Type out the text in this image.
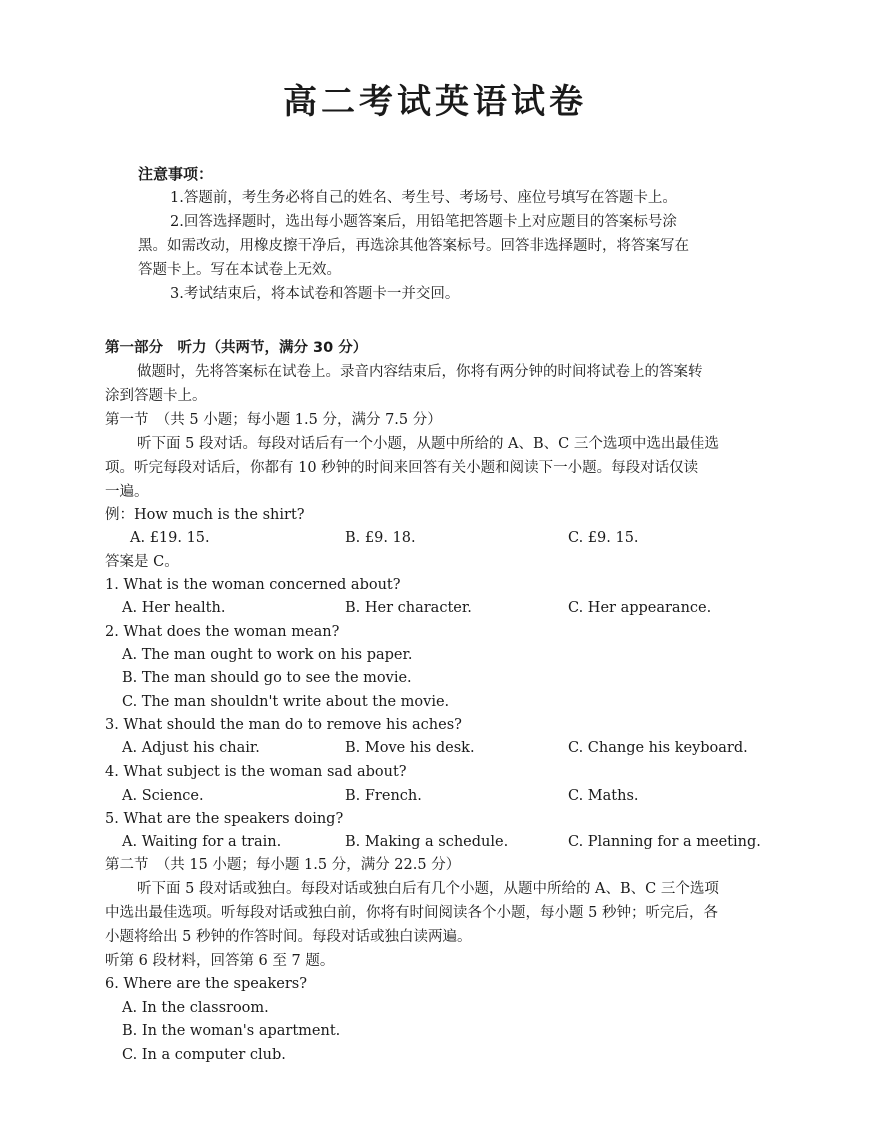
高二考试英语试卷
注意事项：
1.答题前，考生务必将自己的姓名、考生号、考场号、座位号填写在答题卡上。
2.回答选择题时，选出每小题答案后，用铅笔把答题卡上对应题目的答案标号涂
黑。如需改动，用橡皮擦干净后，再选涂其他答案标号。回答非选择题时，将答案写在
答题卡上。写在本试卷上无效。
3.考试结束后，将本试卷和答题卡一并交回。
第一部分　听力（共两节，满分 30 分）
做题时，先将答案标在试卷上。录音内容结束后，你将有两分钟的时间将试卷上的答案转
涂到答题卡上。
第一节　（共 5 小题；每小题 1.5 分，满分 7.5 分）
听下面 5 段对话。每段对话后有一个小题，从题中所给的 A、B、C 三个选项中选出最佳选
项。听完每段对话后，你都有 10 秒钟的时间来回答有关小题和阅读下一小题。每段对话仅读
一遍。
例：How much is the shirt?
A. £19. 15.	B. £9. 18.	C. £9. 15.
答案是 C。
1. What is the woman concerned about?
A. Her health.	B. Her character.	C. Her appearance.
2. What does the woman mean?
A. The man ought to work on his paper.
B. The man should go to see the movie.
C. The man shouldn't write about the movie.
3. What should the man do to remove his aches?
A. Adjust his chair.	B. Move his desk.	C. Change his keyboard.
4. What subject is the woman sad about?
A. Science.	B. French.	C. Maths.
5. What are the speakers doing?
A. Waiting for a train.	B. Making a schedule.	C. Planning for a meeting.
第二节　（共 15 小题；每小题 1.5 分，满分 22.5 分）
听下面 5 段对话或独白。每段对话或独白后有几个小题，从题中所给的 A、B、C 三个选项
中选出最佳选项。听每段对话或独白前，你将有时间阅读各个小题，每小题 5 秒钟；听完后，各
小题将给出 5 秒钟的作答时间。每段对话或独白读两遍。
听第 6 段材料，回答第 6 至 7 题。
6. Where are the speakers?
A. In the classroom.
B. In the woman's apartment.
C. In a computer club.
